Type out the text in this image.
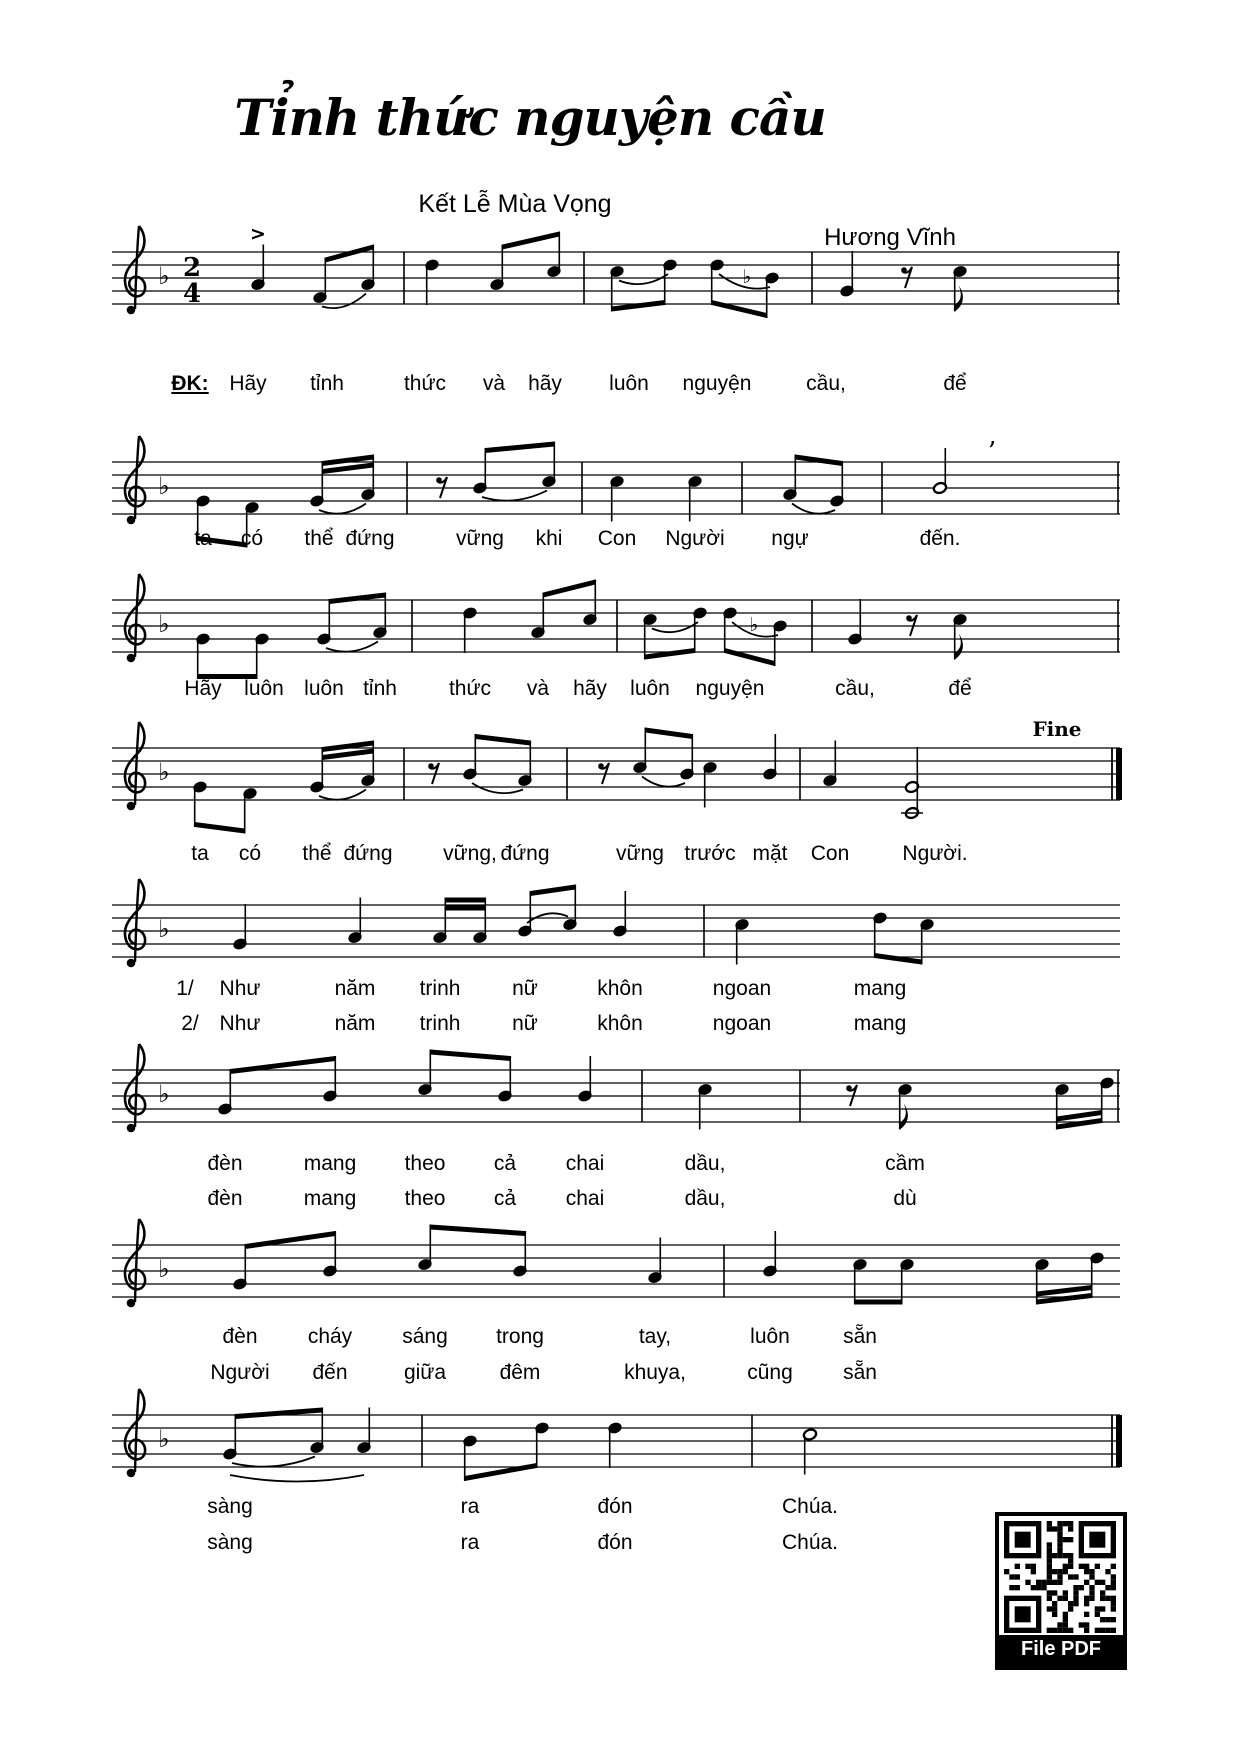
Tỉnh thức nguyện cầu
Kết Lễ Mùa Vọng
Hương Vĩnh
♭ 2
4
>
♭
♭
’
♭	♭
♭
Fine
♭
♭
♭
♭
ĐK: Hãy tỉnh	thức và hãy luôn nguyện	cầu,	để
ta có thể đứng	vững khi Con Người ngự	đến.
Hãy luôn luôn tỉnh thức và hãy luôn nguyện	cầu,	để
ta có thể đứng vững, đứng	vững trước mặt Con	Người.
1/ Như	năm trinh nữ	khôn	ngoan	mang
2/ Như	năm trinh nữ	khôn	ngoan	mang
đèn	mang theo cả chai	dầu,	cầm
đèn	mang theo cả chai	dầu,	dù
đèn cháy sáng trong	tay,	luôn	sẵn
Người đến	giữa	đêm	khuya,	cũng sẵn
sàng	ra	đón	Chúa.
sàng	ra	đón	Chúa.
File PDF
